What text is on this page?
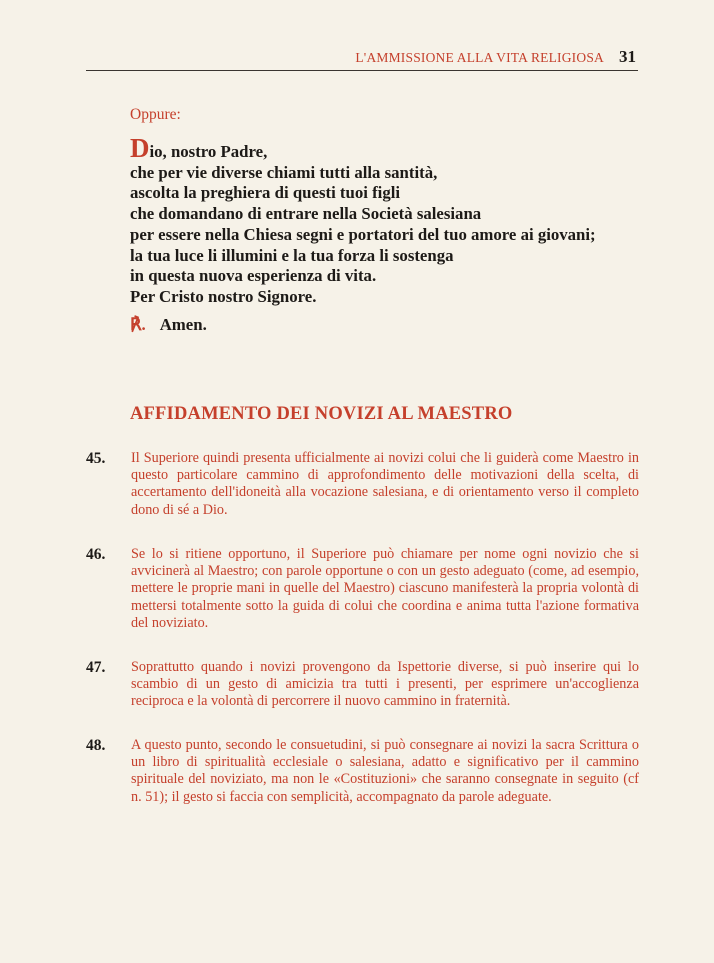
L'AMMISSIONE ALLA VITA RELIGIOSA 31
Oppure:
Dio, nostro Padre,
che per vie diverse chiami tutti alla santità,
ascolta la preghiera di questi tuoi figli
che domandano di entrare nella Società salesiana
per essere nella Chiesa segni e portatori del tuo amore ai giovani;
la tua luce li illumini e la tua forza li sostenga
in questa nuova esperienza di vita.
Per Cristo nostro Signore.
℟. Amen.
AFFIDAMENTO DEI NOVIZI AL MAESTRO
45. Il Superiore quindi presenta ufficialmente ai novizi colui che li guiderà come Maestro in questo particolare cammino di approfondimento delle motivazioni della scelta, di accertamento dell'idoneità alla vocazione salesiana, e di orientamento verso il completo dono di sé a Dio.
46. Se lo si ritiene opportuno, il Superiore può chiamare per nome ogni novizio che si avvicinerà al Maestro; con parole opportune o con un gesto adeguato (come, ad esempio, mettere le proprie mani in quelle del Maestro) ciascuno manifesterà la propria volontà di mettersi totalmente sotto la guida di colui che coordina e anima tutta l'azione formativa del noviziato.
47. Soprattutto quando i novizi provengono da Ispettorie diverse, si può inserire qui lo scambio di un gesto di amicizia tra tutti i presenti, per esprimere un'accoglienza reciproca e la volontà di percorrere il nuovo cammino in fraternità.
48. A questo punto, secondo le consuetudini, si può consegnare ai novizi la sacra Scrittura o un libro di spiritualità ecclesiale o salesiana, adatto e significativo per il cammino spirituale del noviziato, ma non le «Costituzioni» che saranno consegnate in seguito (cf n. 51); il gesto si faccia con semplicità, accompagnato da parole adeguate.
